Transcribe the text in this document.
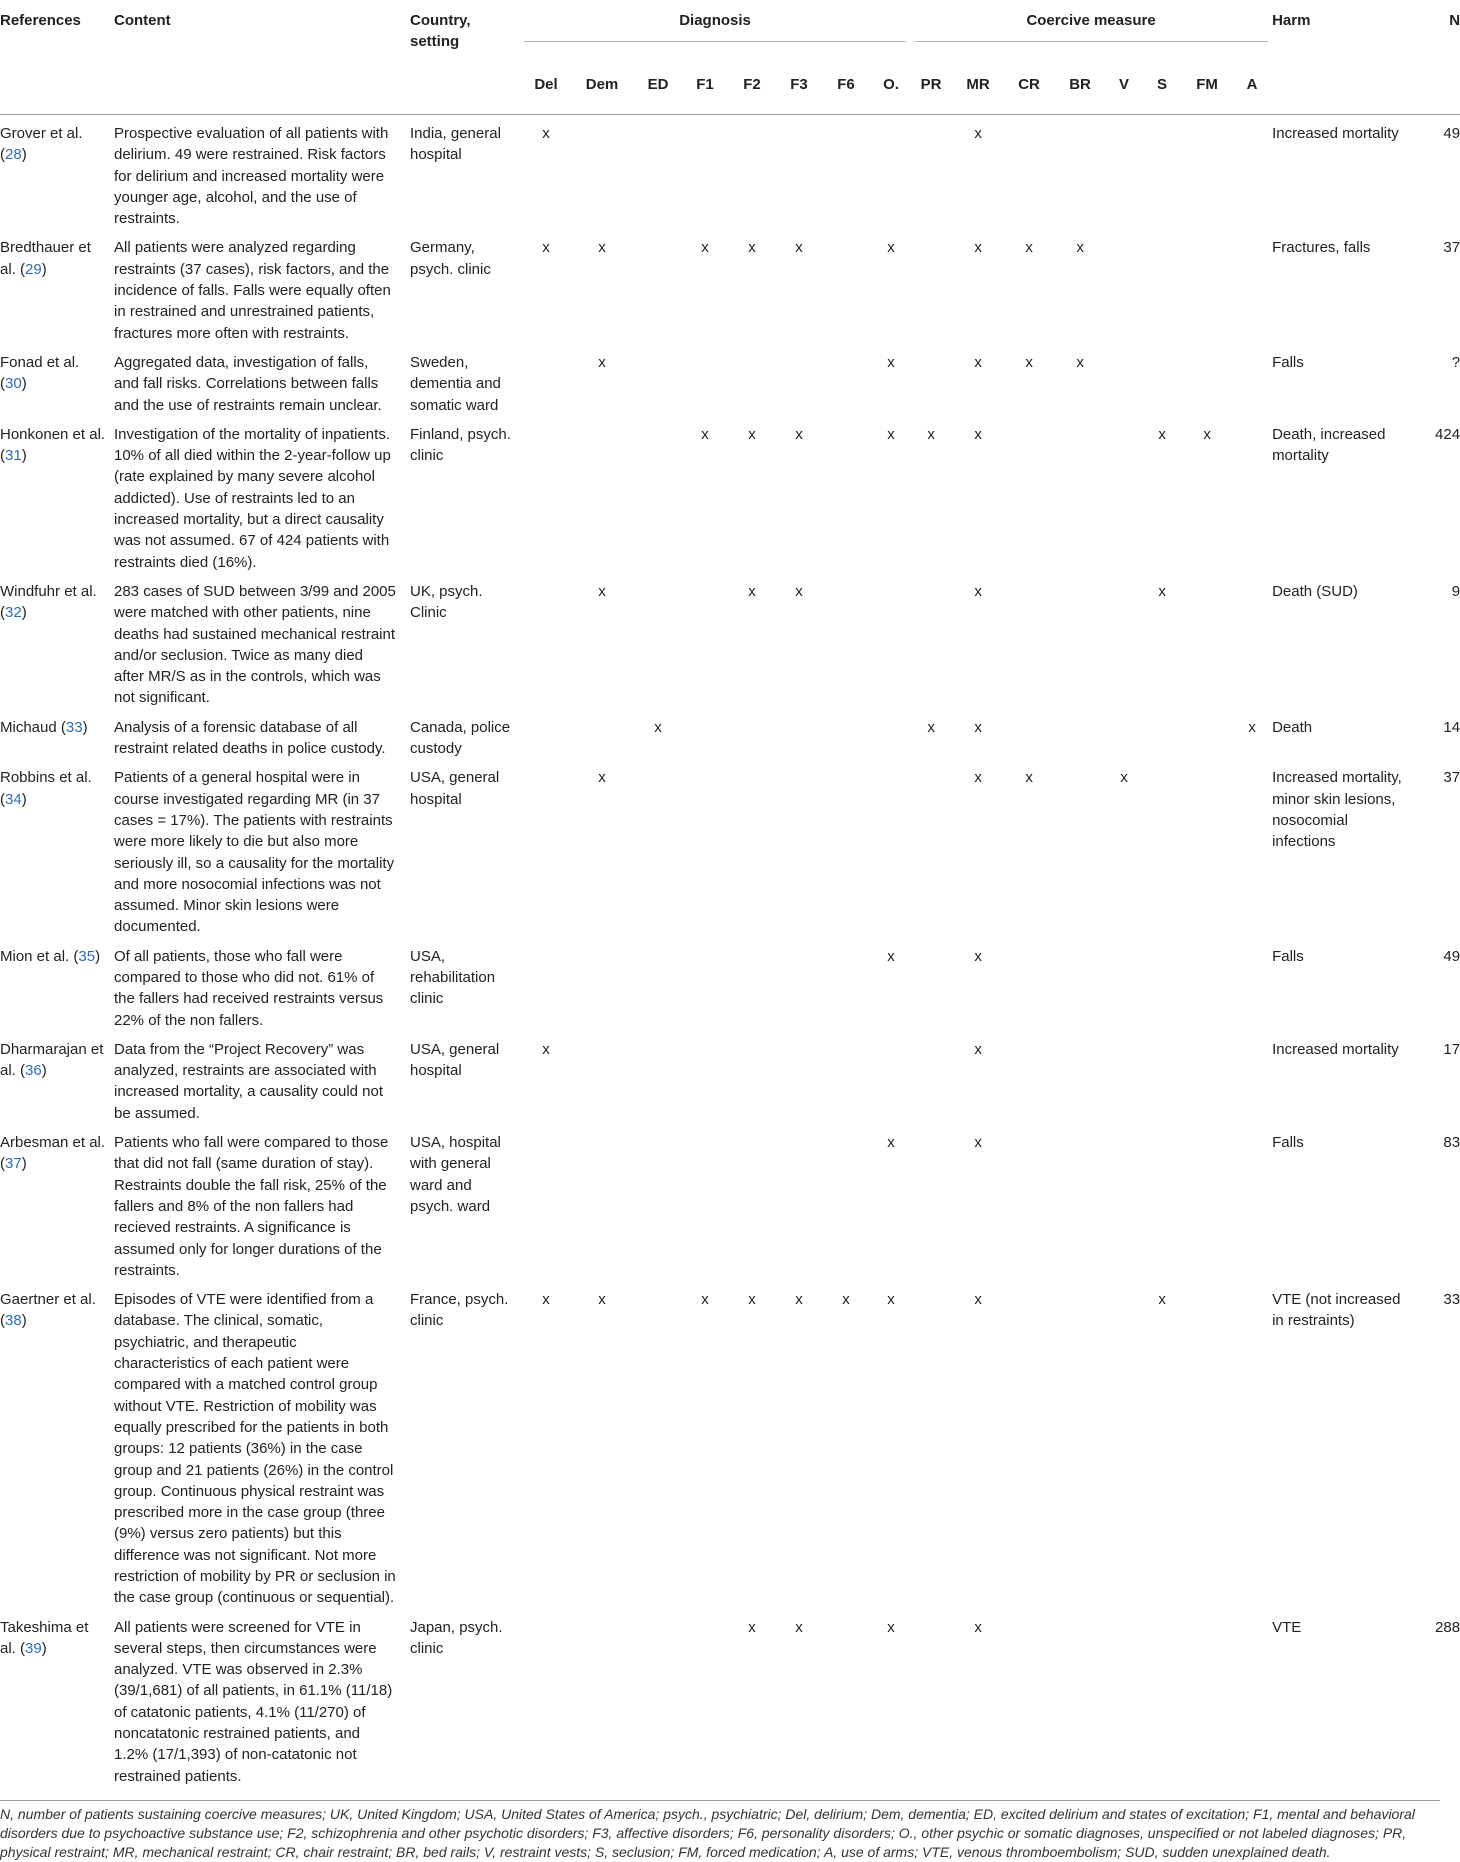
References	Content	Country,
setting	Diagnosis								Coercive measure								Harm	N
			Del	Dem	ED	F1	F2	F3	F6	O.	PR	MR	CR	BR	V	S	FM	A		
Grover et al. (28)	Prospective evaluation of all patients with delirium. 49 were restrained. Risk factors for delirium and increased mortality were younger age, alcohol, and the use of restraints.	India, general hospital	x									x							Increased mortality	49
Bredthauer et al. (29)	All patients were analyzed regarding restraints (37 cases), risk factors, and the incidence of falls. Falls were equally often in restrained and unrestrained patients, fractures more often with restraints.	Germany, psych. clinic	x	x		x	x	x		x		x	x	x					Fractures, falls	37
Fonad et al. (30)	Aggregated data, investigation of falls, and fall risks. Correlations between falls and the use of restraints remain unclear.	Sweden, dementia and somatic ward		x						x		x	x	x					Falls	?
Honkonen et al. (31)	Investigation of the mortality of inpatients. 10% of all died within the 2-year-follow up (rate explained by many severe alcohol addicted). Use of restraints led to an increased mortality, but a direct causality was not assumed. 67 of 424 patients with restraints died (16%).	Finland, psych. clinic				x	x	x		x	x	x				x	x		Death, increased mortality	424
Windfuhr et al. (32)	283 cases of SUD between 3/99 and 2005 were matched with other patients, nine deaths had sustained mechanical restraint and/or seclusion. Twice as many died after MR/S as in the controls, which was not significant.	UK, psych. Clinic		x			x	x				x				x			Death (SUD)	9
Michaud (33)	Analysis of a forensic database of all restraint related deaths in police custody.	Canada, police custody			x						x	x						x	Death	14
Robbins et al. (34)	Patients of a general hospital were in course investigated regarding MR (in 37 cases = 17%). The patients with restraints were more likely to die but also more seriously ill, so a causality for the mortality and more nosocomial infections was not assumed. Minor skin lesions were documented.	USA, general hospital		x								x	x		x				Increased mortality, minor skin lesions, nosocomial infections	37
Mion et al. (35)	Of all patients, those who fall were compared to those who did not. 61% of the fallers had received restraints versus 22% of the non fallers.	USA, rehabilitation clinic								x		x							Falls	49
Dharmarajan et al. (36)	Data from the “Project Recovery” was analyzed, restraints are associated with increased mortality, a causality could not be assumed.	USA, general hospital	x									x							Increased mortality	17
Arbesman et al. (37)	Patients who fall were compared to those that did not fall (same duration of stay). Restraints double the fall risk, 25% of the fallers and 8% of the non fallers had recieved restraints. A significance is assumed only for longer durations of the restraints.	USA, hospital with general ward and psych. ward								x		x							Falls	83
Gaertner et al. (38)	Episodes of VTE were identified from a database. The clinical, somatic, psychiatric, and therapeutic characteristics of each patient were compared with a matched control group without VTE. Restriction of mobility was equally prescribed for the patients in both groups: 12 patients (36%) in the case group and 21 patients (26%) in the control group. Continuous physical restraint was prescribed more in the case group (three (9%) versus zero patients) but this difference was not significant. Not more restriction of mobility by PR or seclusion in the case group (continuous or sequential).	France, psych. clinic	x	x		x	x	x	x	x		x				x			VTE (not increased in restraints)	33
Takeshima et al. (39)	All patients were screened for VTE in several steps, then circumstances were analyzed. VTE was observed in 2.3% (39/1,681) of all patients, in 61.1% (11/18) of catatonic patients, 4.1% (11/270) of noncatatonic restrained patients, and 1.2% (17/1,393) of non-catatonic not restrained patients.	Japan, psych. clinic					x	x		x		x							VTE	288
N, number of patients sustaining coercive measures; UK, United Kingdom; USA, United States of America; psych., psychiatric; Del, delirium; Dem, dementia; ED, excited delirium and states of excitation; F1, mental and behavioral disorders due to psychoactive substance use; F2, schizophrenia and other psychotic disorders; F3, affective disorders; F6, personality disorders; O., other psychic or somatic diagnoses, unspecified or not labeled diagnoses; PR, physical restraint; MR, mechanical restraint; CR, chair restraint; BR, bed rails; V, restraint vests; S, seclusion; FM, forced medication; A, use of arms; VTE, venous thromboembolism; SUD, sudden unexplained death.
